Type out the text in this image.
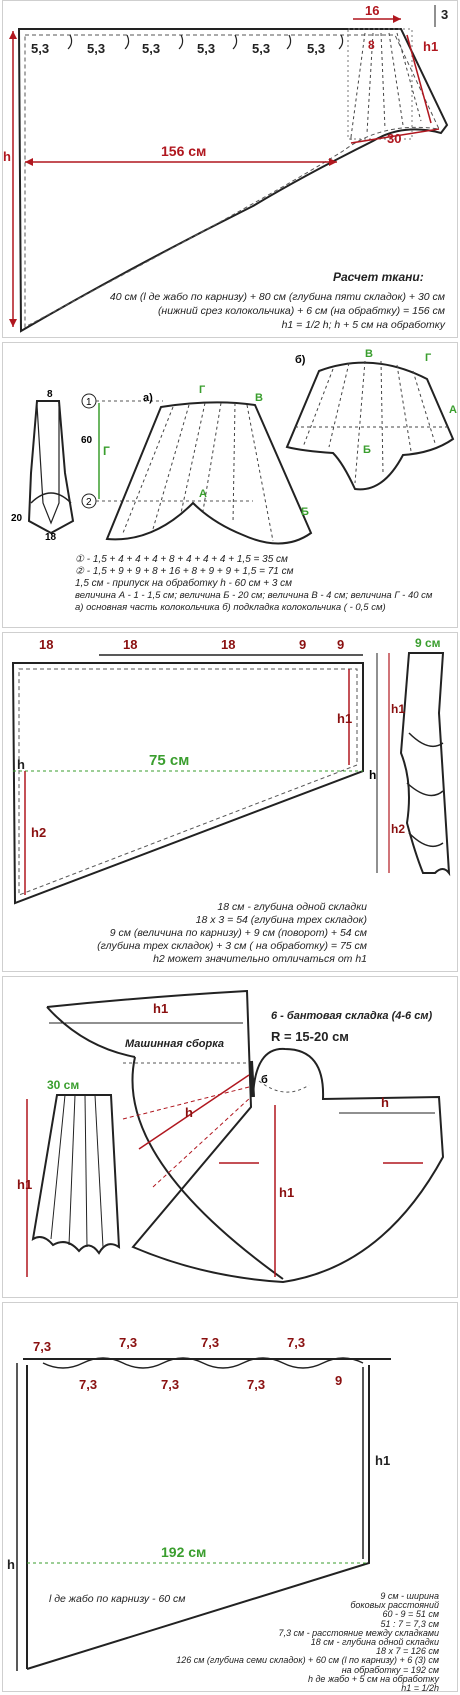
5,3	5,3	5,3	5,3	5,3	5,3
16	3
8	h1
30
h	156 см
Расчет ткани:
40 см (l де жабо по карнизу) + 80 см (глубина пяти складок) + 30 см
(нижний срез колокольчика) + 6 см (на обрабтку) = 156 см
h1 = 1/2 h; h + 5 см на обработку
8
20
18
1
2
Г
60
а)
Г
В
А
Б
б)	В	Г
А
Б
① - 1,5 + 4 + 4 + 4 + 8 + 4 + 4 + 4 + 1,5 = 35 см
② - 1,5 + 9 + 9 + 8 + 16 + 8 + 9 + 9 + 1,5 = 71 см
1,5 см - припуск на обработку h - 60 см + 3 см
величина А - 1 - 1,5 см; величина Б - 20 см; величина В - 4 см; величина Г - 40 см
а) основная часть колокольчика б) подкладка колокольчика ( - 0,5 см)
18	18	18	9 9
h1
h
h2
75 см
9 см
h1
h
h2
18 см - глубина одной складки
18 х 3 = 54 (глубина трех складок)
9 см (величина по карнизу) + 9 см (поворот) + 54 см
(глубина трех складок) + 3 см ( на обработку) = 75 см
h2 может значительно отличаться от h1
h1	6 - бантовая складка (4-6 см)
Машинная сборка	R = 15-20 см
б
h
h
h1
30 см
h1
7,3	7,3	7,3	7,3
7,3	7,3	7,3	9
h
h1
192 см
l де жабо по карнизу - 60 см	9 см - ширина
боковых расстояний
60 - 9 = 51 см
51 : 7 = 7,3 см
7,3 см - расстояние между складками
18 см - глубина одной складки
18 х 7 = 126 см
126 см (глубина семи складок) + 60 см (l по карнизу) + 6 (3) см
на обработку = 192 см
h де жабо + 5 см на обработку
h1 = 1/2h
